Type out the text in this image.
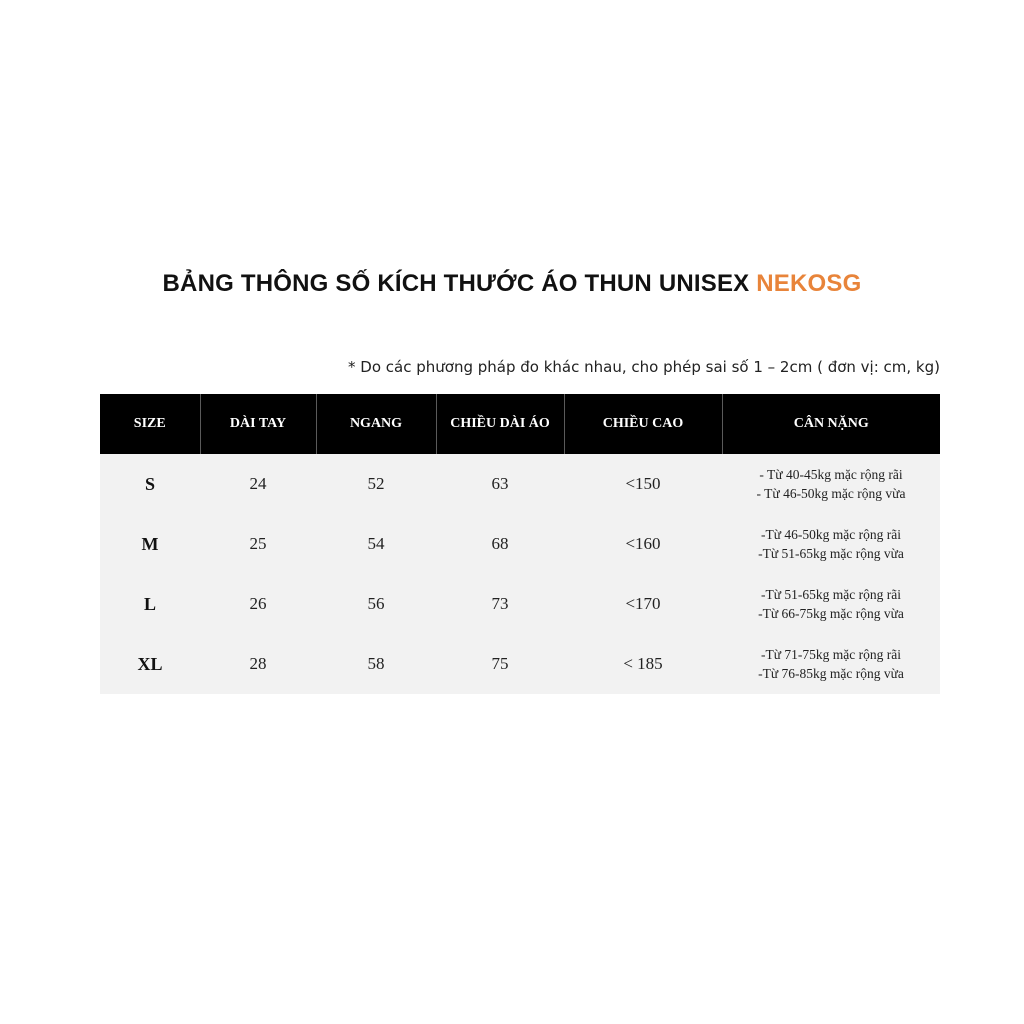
BẢNG THÔNG SỐ KÍCH THƯỚC ÁO THUN UNISEX NEKOSG
* Do các phương pháp đo khác nhau, cho phép sai số 1 – 2cm ( đơn vị: cm, kg)
SIZE	DÀI TAY	NGANG	CHIỀU DÀI ÁO	CHIỀU CAO	CÂN NẶNG
S	24	52	63	<150	- Từ 40-45kg mặc rộng rãi
- Từ 46-50kg mặc rộng vừa

M	25	54	68	<160	-Từ 46-50kg mặc rộng rãi
-Từ 51-65kg mặc rộng vừa

L	26	56	73	<170	-Từ 51-65kg mặc rộng rãi
-Từ 66-75kg mặc rộng vừa

XL	28	58	75	< 185	-Từ 71-75kg mặc rộng rãi
-Từ 76-85kg mặc rộng vừa
